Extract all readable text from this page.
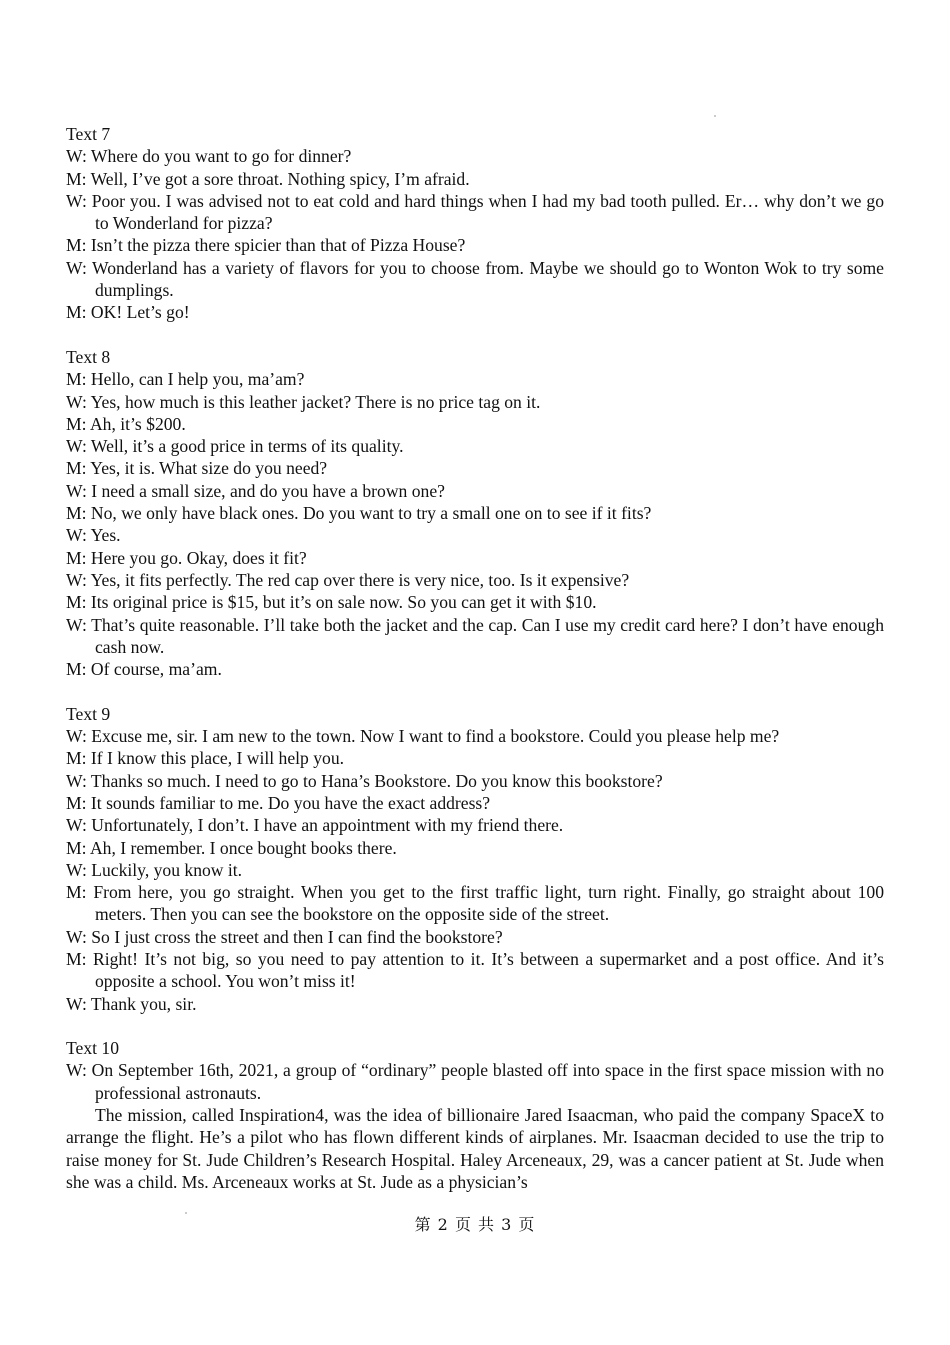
Text 7
W: Where do you want to go for dinner?
M: Well, I’ve got a sore throat. Nothing spicy, I’m afraid.
W: Poor you. I was advised not to eat cold and hard things when I had my bad tooth pulled. Er… why don’t we go to Wonderland for pizza?
M: Isn’t the pizza there spicier than that of Pizza House?
W: Wonderland has a variety of flavors for you to choose from. Maybe we should go to Wonton Wok to try some dumplings.
M: OK! Let’s go!
Text 8
M: Hello, can I help you, ma’am?
W: Yes, how much is this leather jacket? There is no price tag on it.
M: Ah, it’s $200.
W: Well, it’s a good price in terms of its quality.
M: Yes, it is. What size do you need?
W: I need a small size, and do you have a brown one?
M: No, we only have black ones. Do you want to try a small one on to see if it fits?
W: Yes.
M: Here you go. Okay, does it fit?
W: Yes, it fits perfectly. The red cap over there is very nice, too. Is it expensive?
M: Its original price is $15, but it’s on sale now. So you can get it with $10.
W: That’s quite reasonable. I’ll take both the jacket and the cap. Can I use my credit card here? I don’t have enough cash now.
M: Of course, ma’am.
Text 9
W: Excuse me, sir. I am new to the town. Now I want to find a bookstore. Could you please help me?
M: If I know this place, I will help you.
W: Thanks so much. I need to go to Hana’s Bookstore. Do you know this bookstore?
M: It sounds familiar to me. Do you have the exact address?
W: Unfortunately, I don’t. I have an appointment with my friend there.
M: Ah, I remember. I once bought books there.
W: Luckily, you know it.
M: From here, you go straight. When you get to the first traffic light, turn right. Finally, go straight about 100 meters. Then you can see the bookstore on the opposite side of the street.
W: So I just cross the street and then I can find the bookstore?
M: Right! It’s not big, so you need to pay attention to it. It’s between a supermarket and a post office. And it’s opposite a school. You won’t miss it!
W: Thank you, sir.
Text 10
W: On September 16th, 2021, a group of “ordinary” people blasted off into space in the first space mission with no professional astronauts.
The mission, called Inspiration4, was the idea of billionaire Jared Isaacman, who paid the company SpaceX to arrange the flight. He’s a pilot who has flown different kinds of airplanes. Mr. Isaacman decided to use the trip to raise money for St. Jude Children’s Research Hospital. Haley Arceneaux, 29, was a cancer patient at St. Jude when she was a child. Ms. Arceneaux works at St. Jude as a physician’s
第 2 页 共 3 页
